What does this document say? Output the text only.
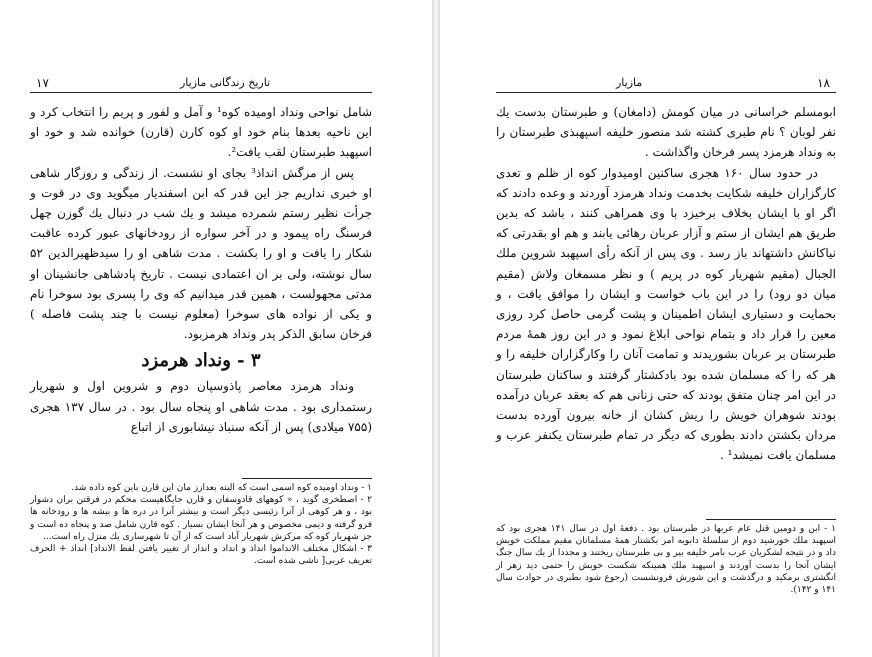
تاریخ زندگانی مازیار
۱۷

شامل نواحی ونداد اومیده کوه¹ و آمل و لفور و پریم را انتخاب کرد و این ناحیه بعدها بنام خود او کوه کارن (قارن) خوانده شد و خود او اسپهبد طبرستان لقب یافت².

پس از مرگش انداذ³ بجای او نشست. از زندگی و روزگار شاهی او خبری نداریم جز این قدر که ابن اسفندیار میگوید وی در قوت و جرأت نظیر رستم شمرده میشد و یك شب در دنبال یك گوزن چهل فرسنگ راه پیمود و در آخر سواره از رودخانهای عبور کرده عاقبت شکار را یافت و او را بکشت . مدت شاهی او را سیدظهیرالدین ۵۲ سال نوشته، ولی بر ان اعتمادی نیست . تاریخ پادشاهی جانشینان او مدتی مجهولست ، همین قدر میدانیم که وی را پسری بود سوخرا نام و یکی از نواده های سوخرا (معلوم نیست با چند پشت فاصله ) فرخان سابق الذکر پدر ونداد هرمزبود.

۳ - ونداد هرمزد

ونداد هرمزد معاصر پاذوسپان دوم و شروین اول و شهریار رستمداری بود . مدت شاهی او پنجاه سال بود . در سال ۱۳۷ هجری (۷۵۵ میلادی) پس از آنکه سنباذ نیشابوری از اتباع

۱ - ونداد اومیده کوه اسمی است که البته بعدازز مان این قارن باین کوه داده شد.

۲ - اصطخری گوید ، « کوههای قادوسفان و قارن جایگاهیست محکم در فرقتن بران دشوار بود ، و هر کوهی از آنرا رئیسی دیگر است و بیشتر آنرا در دره ها و بیشه ها و رودخانه ها فرو گرفته و دیمی مخصوص و هر آنجا ایشان بسیار . کوه قارن شامل صد و پنجاه ده است و جز شهریار کوه که مرکزش شهریار آباد است که از آن تا شهرساری یك منزل راه است...

۳ - اشکال مختلف الانداموا انداذ و انداد و انداز از تغییر یافتن لفظ الانداذ] انداذ + الحرف تعریف عربی[ ناشی شده است.

۱۸
مازیار

ابومسلم خراسانی در میان کومش (دامغان) و طبرستان بدست یك نفر لوبان ؟ نام طبری کشته شد منصور خلیفه اسپهبذی طبرستان را به ونداد هرمزد پسر فرخان واگذاشت .

در حدود سال ۱۶۰ هجری ساکنین اومیدوار کوه از ظلم و تعدی کارگزاران خلیفه شکایت بخدمت ونداد هرمزد آوردند و وعده دادند که اگر او با ایشان بخلاف برخیزد با وی همراهی کنند ، باشد که بدین طریق هم ایشان از ستم و آزار عربان رهائی یابند و هم او بقدرتی که نیاکانش داشتهاند باز رسد . وی پس از آنکه رأی اسپهبد شروین ملك الجبال (مقیم شهریار کوه در پریم ) و نظر مسمغان ولاش (مقیم میان دو رود) را در این باب خواست و ایشان را موافق یافت ، و بحمایت و دستیاری ایشان اطمینان و پشت گرمی حاصل کرد روزی معین را قرار داد و بتمام نواحی ابلاغ نمود و در این روز همهٔ مردم طبرستان بر عربان بشوریدند و تمامت آنان را وکارگزاران خلیفه را و هر که را که مسلمان شده بود بادکشتار گرفتند و ساکنان طبرستان در این امر چنان متفق بودند که حتی زنانی هم که بعقد عربان درآمده بودند شوهران خویش را ریش کشان از خانه بیرون آورده بدست مردان بکشتن دادند بطوری که دیگر در تمام طبرستان یکنفر عرب و مسلمان یافت نمیشد¹ .

۱ - ابن و دومین قتل عام عربها در طبرستان بود . دفعهٔ اول در سال ۱۴۱ هجری بود که اسپهبد ملك خورشید دوم از سلسلهٔ دابویه امر بکشتار همهٔ مسلمانان مقیم مملکت خویش داد و در نتیجه لشکریان عرب بامر خلیفه بیر و بی طبرستان ریختند و مجددا از یك سال جنگ ایشان آنجا را بدست آوردند و اسپهبد ملك همینکه شکست خویش را حتمی دید زهر از انگشتری برمکید و درگذشت و این شورش فرونشست (رجوع شود بطبری در حوادث سال ۱۴۱ و ۱۴۲).
